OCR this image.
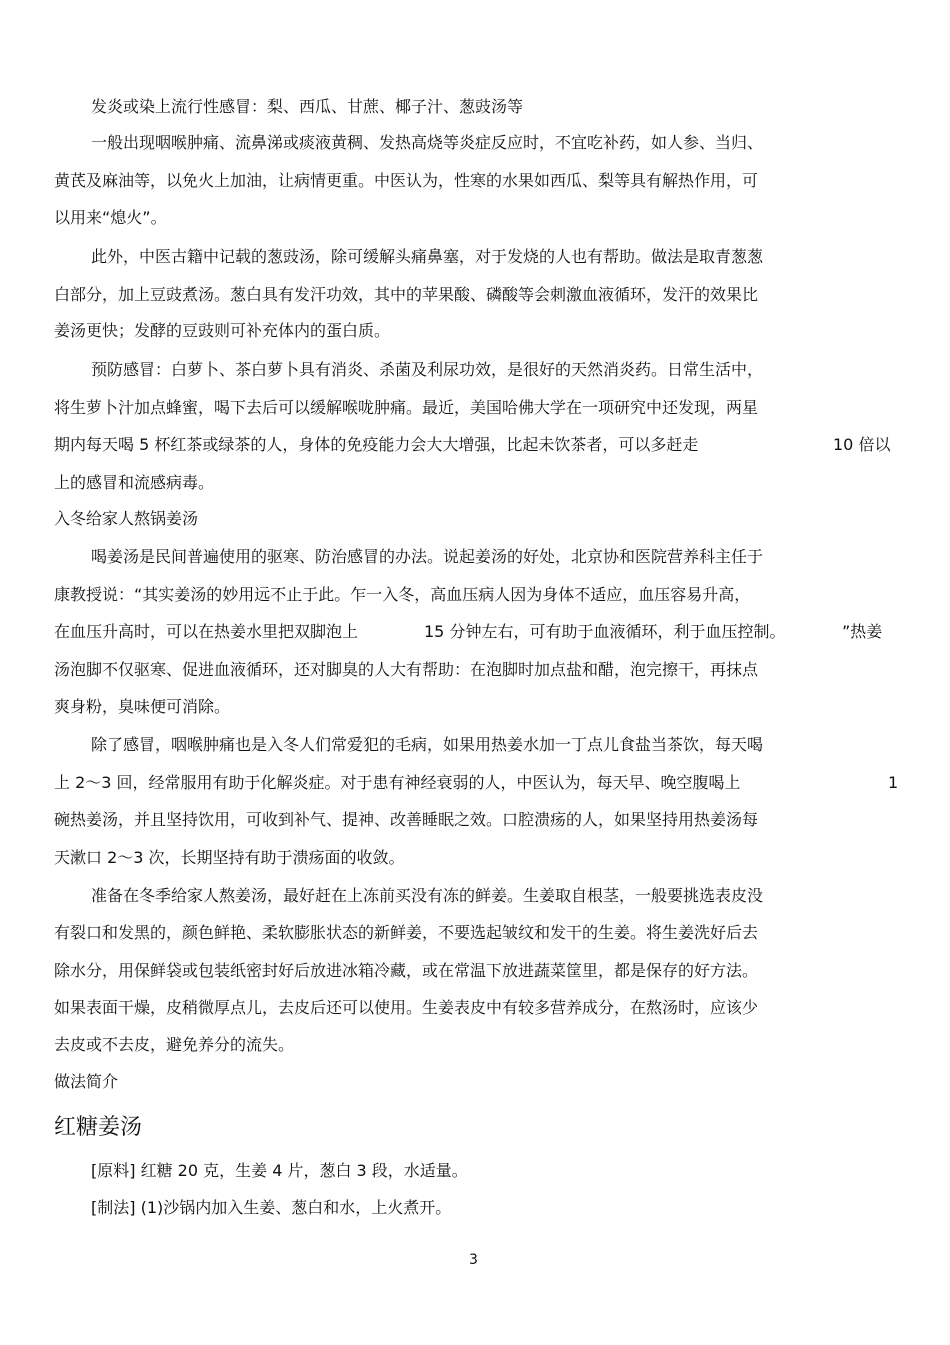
发炎或染上流行性感冒：梨、西瓜、甘蔗、椰子汁、葱豉汤等

一般出现咽喉肿痛、流鼻涕或痰液黄稠、发热高烧等炎症反应时，不宜吃补药，如人参、当归、

黄芪及麻油等，以免火上加油，让病情更重。中医认为，性寒的水果如西瓜、梨等具有解热作用，可

以用来“熄火”。

此外，中医古籍中记载的葱豉汤，除可缓解头痛鼻塞，对于发烧的人也有帮助。做法是取青葱葱

白部分，加上豆豉煮汤。葱白具有发汗功效，其中的苹果酸、磷酸等会刺激血液循环，发汗的效果比

姜汤更快；发酵的豆豉则可补充体内的蛋白质。

预防感冒：白萝卜、茶白萝卜具有消炎、杀菌及利尿功效，是很好的天然消炎药。日常生活中，

将生萝卜汁加点蜂蜜，喝下去后可以缓解喉咙肿痛。最近，美国哈佛大学在一项研究中还发现，两星

期内每天喝 5 杯红茶或绿茶的人，身体的免疫能力会大大增强，比起未饮茶者，可以多赶走	10 倍以

上的感冒和流感病毒。

入冬给家人熬锅姜汤

喝姜汤是民间普遍使用的驱寒、防治感冒的办法。说起姜汤的好处，北京协和医院营养科主任于

康教授说：“其实姜汤的妙用远不止于此。乍一入冬，高血压病人因为身体不适应，血压容易升高，

在血压升高时，可以在热姜水里把双脚泡上	15 分钟左右，可有助于血液循环，利于血压控制。	”热姜

汤泡脚不仅驱寒、促进血液循环，还对脚臭的人大有帮助：在泡脚时加点盐和醋，泡完擦干，再抹点

爽身粉，臭味便可消除。

除了感冒，咽喉肿痛也是入冬人们常爱犯的毛病，如果用热姜水加一丁点儿食盐当茶饮，每天喝

上 2～3 回，经常服用有助于化解炎症。对于患有神经衰弱的人，中医认为，每天早、晚空腹喝上	1

碗热姜汤，并且坚持饮用，可收到补气、提神、改善睡眠之效。口腔溃疡的人，如果坚持用热姜汤每

天漱口 2～3 次，长期坚持有助于溃疡面的收敛。

准备在冬季给家人熬姜汤，最好赶在上冻前买没有冻的鲜姜。生姜取自根茎，一般要挑选表皮没

有裂口和发黑的，颜色鲜艳、柔软膨胀状态的新鲜姜，不要选起皱纹和发干的生姜。将生姜洗好后去

除水分，用保鲜袋或包装纸密封好后放进冰箱冷藏，或在常温下放进蔬菜筐里，都是保存的好方法。

如果表面干燥，皮稍微厚点儿，去皮后还可以使用。生姜表皮中有较多营养成分，在熬汤时，应该少

去皮或不去皮，避免养分的流失。

做法简介

红糖姜汤

[原料] 红糖 20 克，生姜 4 片，葱白 3 段，水适量。

[制法] (1)沙锅内加入生姜、葱白和水，上火煮开。

3
